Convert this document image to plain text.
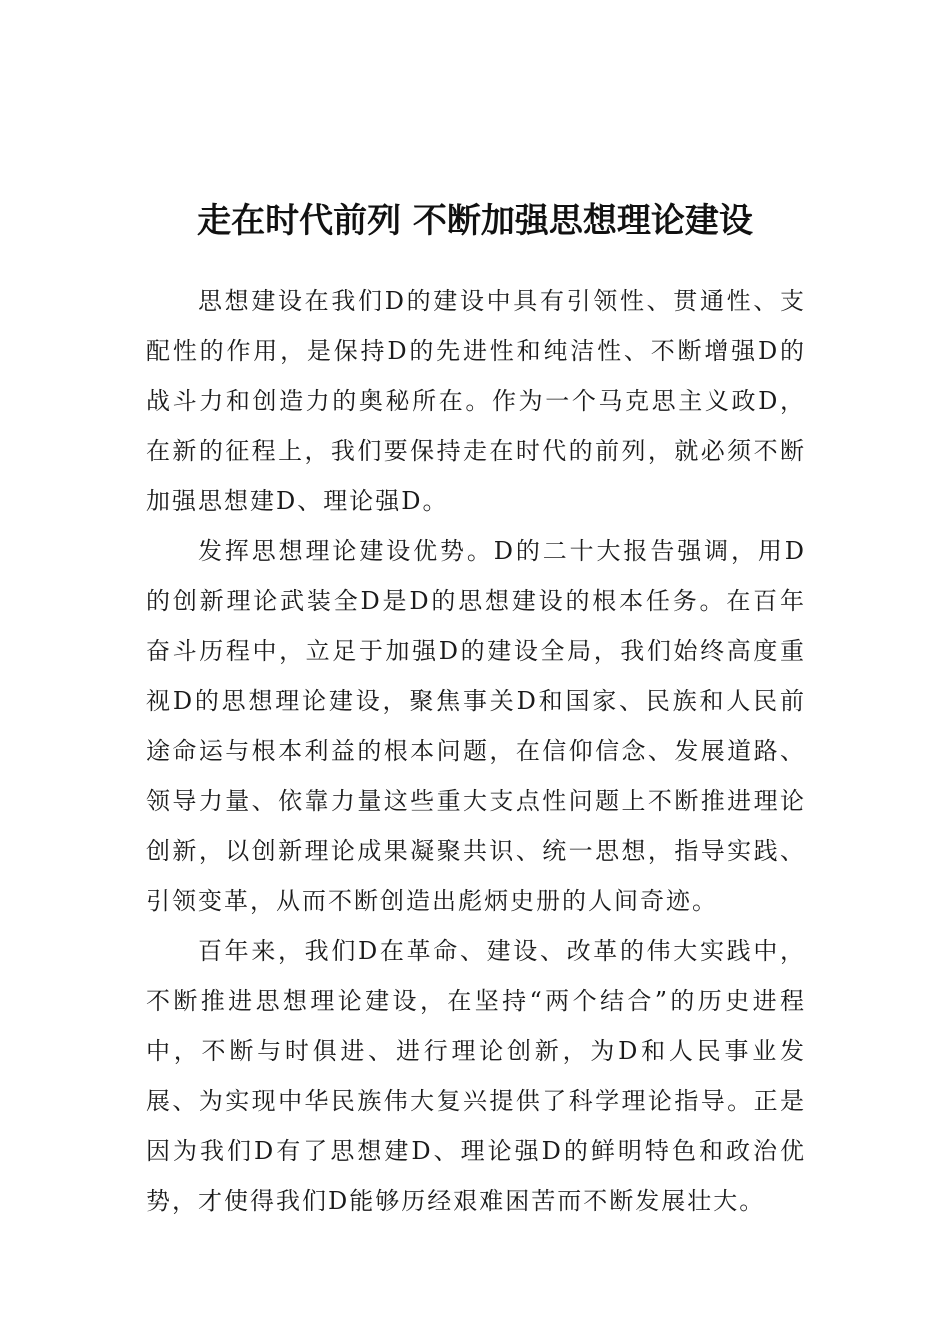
走在时代前列 不断加强思想理论建设

思想建设在我们D的建设中具有引领性、贯通性、支配性的作用，是保持D的先进性和纯洁性、不断增强D的战斗力和创造力的奥秘所在。作为一个马克思主义政D，在新的征程上，我们要保持走在时代的前列，就必须不断加强思想建D、理论强D。

发挥思想理论建设优势。D的二十大报告强调，用D的创新理论武装全D是D的思想建设的根本任务。在百年奋斗历程中，立足于加强D的建设全局，我们始终高度重视D的思想理论建设，聚焦事关D和国家、民族和人民前途命运与根本利益的根本问题，在信仰信念、发展道路、领导力量、依靠力量这些重大支点性问题上不断推进理论创新，以创新理论成果凝聚共识、统一思想，指导实践、引领变革，从而不断创造出彪炳史册的人间奇迹。

百年来，我们D在革命、建设、改革的伟大实践中，不断推进思想理论建设，在坚持“两个结合”的历史进程中，不断与时俱进、进行理论创新，为D和人民事业发展、为实现中华民族伟大复兴提供了科学理论指导。正是因为我们D有了思想建D、理论强D的鲜明特色和政治优势，才使得我们D能够历经艰难困苦而不断发展壮大。
